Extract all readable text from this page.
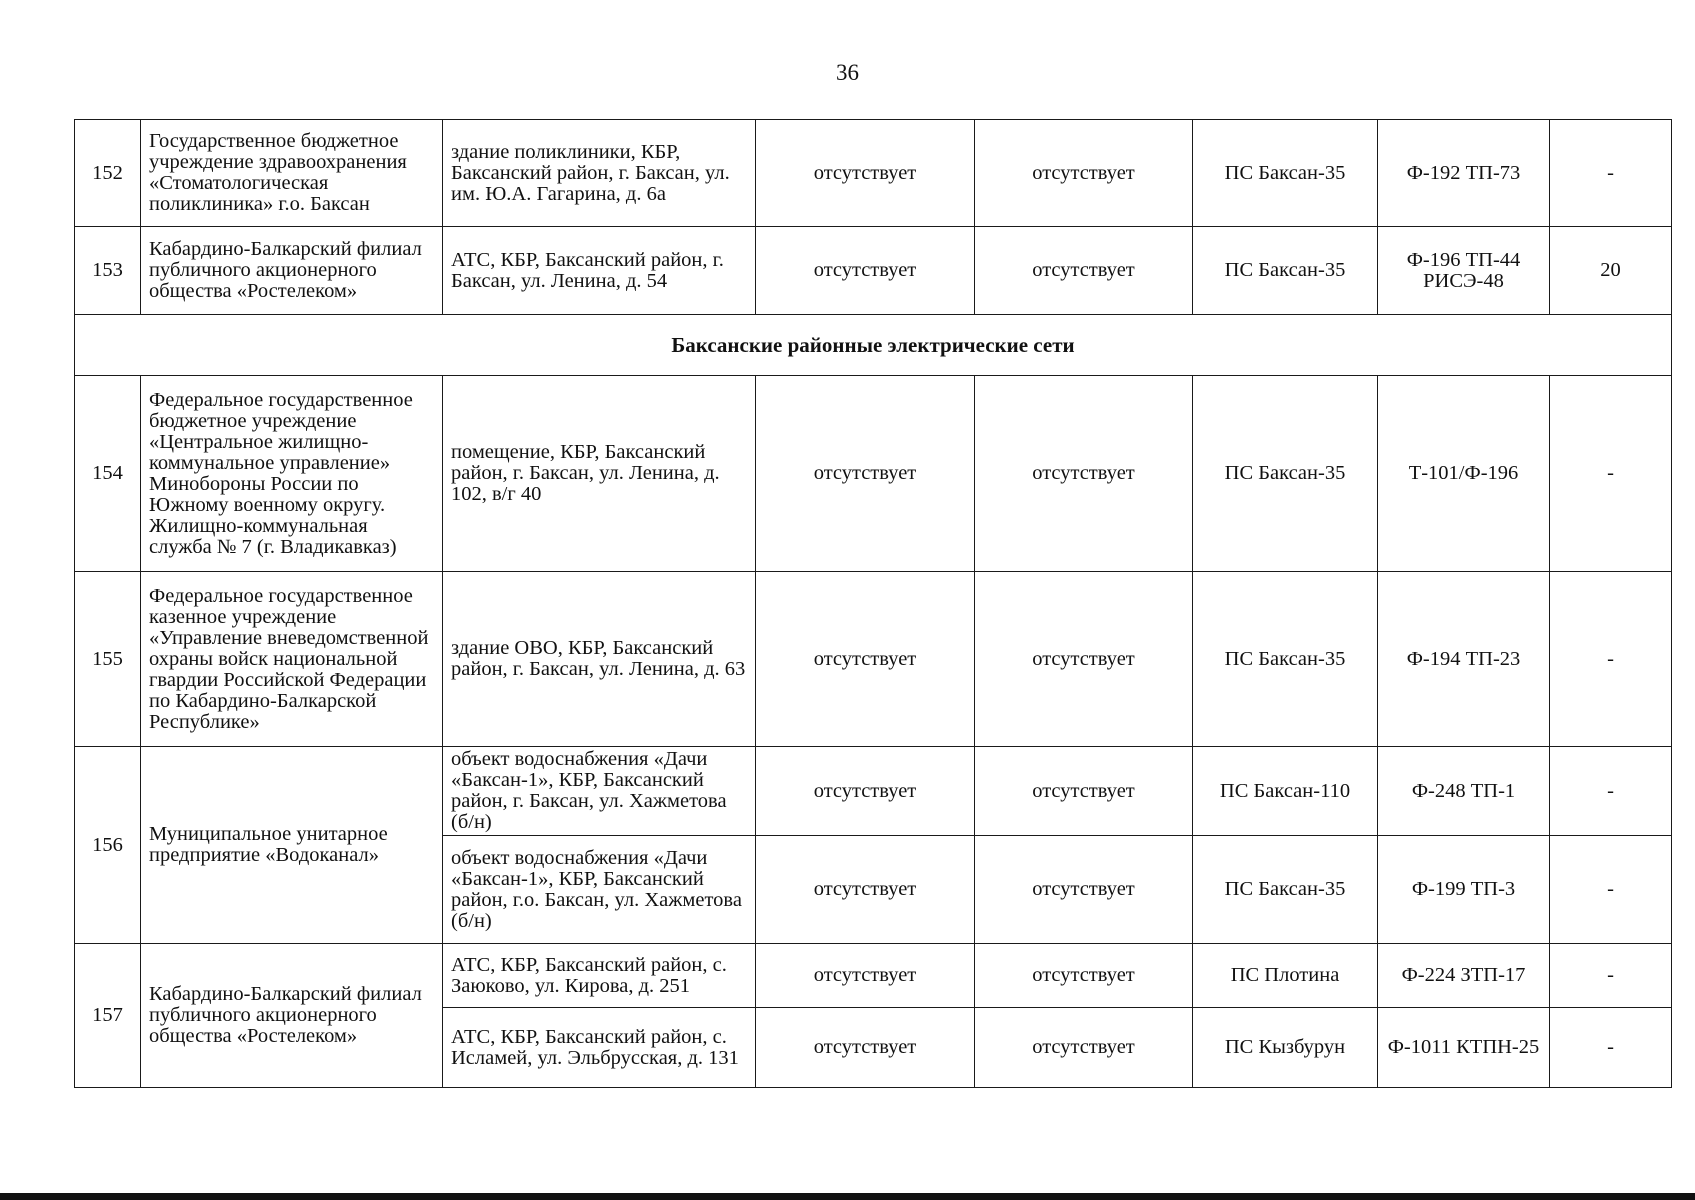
36
152	Государственное бюджетное учреждение здравоохранения «Стоматологическая поликлиника» г.о. Баксан	здание поликлиники, КБР, Баксанский район, г. Баксан, ул. им. Ю.А. Гагарина, д. 6а	отсутствует	отсутствует	ПС Баксан-35	Ф-192 ТП-73	-
153	Кабардино-Балкарский филиал публичного акционерного общества «Ростелеком»	АТС, КБР, Баксанский район, г. Баксан, ул. Ленина, д. 54	отсутствует	отсутствует	ПС Баксан-35	Ф-196 ТП-44 РИСЭ-48	20
Баксанские районные электрические сети							
154	Федеральное государственное бюджетное учреждение «Центральное жилищно-коммунальное управление» Минобороны России по Южному военному округу. Жилищно-коммунальная служба № 7 (г. Владикавказ)	помещение, КБР, Баксанский район, г. Баксан, ул. Ленина, д. 102, в/г 40	отсутствует	отсутствует	ПС Баксан-35	Т-101/Ф-196	-
155	Федеральное государственное казенное учреждение «Управление вневедомственной охраны войск национальной гвардии Российской Федерации по Кабардино-Балкарской Республике»	здание ОВО, КБР, Баксанский район, г. Баксан, ул. Ленина, д. 63	отсутствует	отсутствует	ПС Баксан-35	Ф-194 ТП-23	-
156	Муниципальное унитарное предприятие «Водоканал»	объект водоснабжения «Дачи «Баксан-1», КБР, Баксанский район, г. Баксан, ул. Хажметова (б/н)	отсутствует	отсутствует	ПС Баксан-110	Ф-248 ТП-1	-
		объект водоснабжения «Дачи «Баксан-1», КБР, Баксанский район, г.о. Баксан, ул. Хажметова (б/н)	отсутствует	отсутствует	ПС Баксан-35	Ф-199 ТП-3	-
157	Кабардино-Балкарский филиал публичного акционерного общества «Ростелеком»	АТС, КБР, Баксанский район, с. Заюково, ул. Кирова, д. 251	отсутствует	отсутствует	ПС Плотина	Ф-224 ЗТП-17	-
		АТС, КБР, Баксанский район, с. Исламей, ул. Эльбрусская, д. 131	отсутствует	отсутствует	ПС Кызбурун	Ф-1011 КТПН-25	-
